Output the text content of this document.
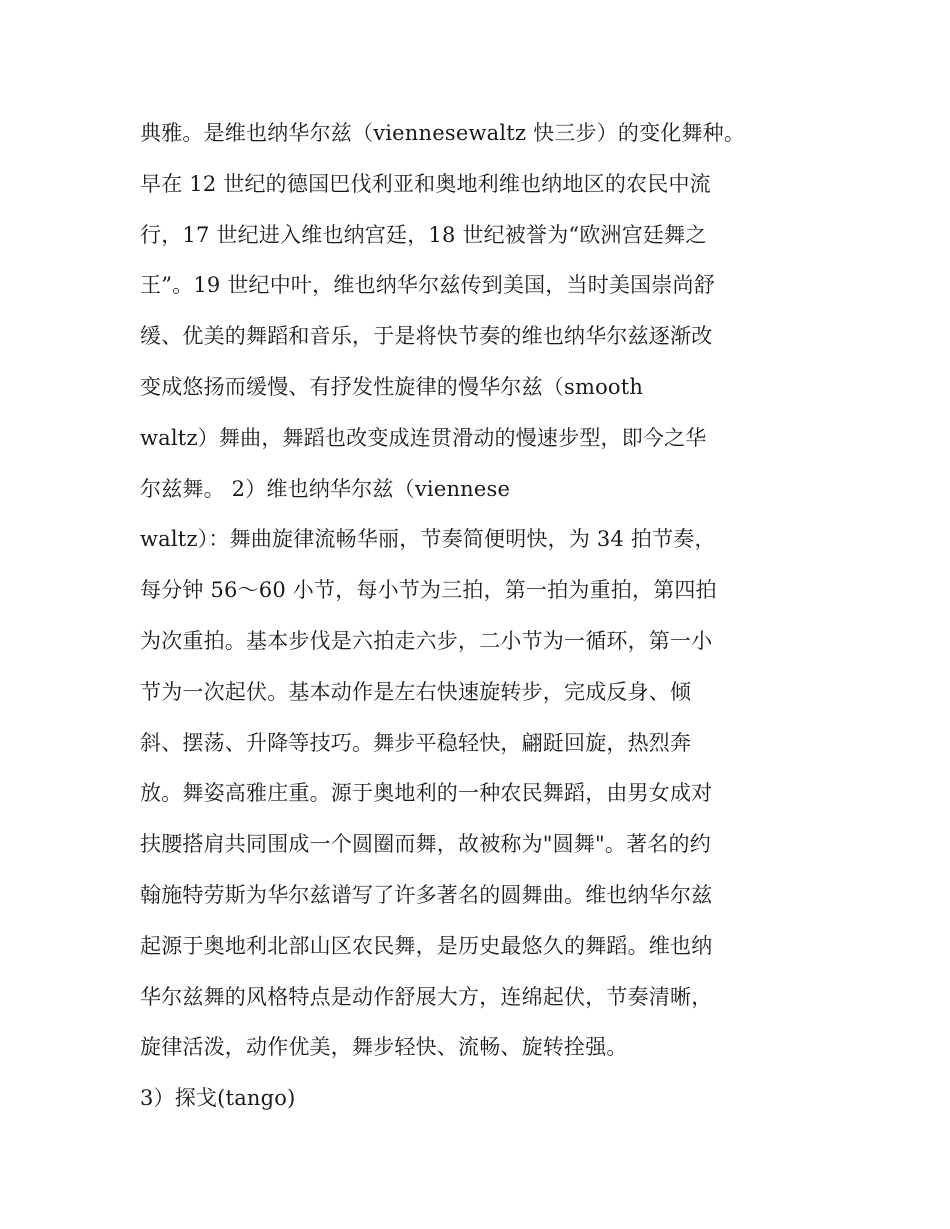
典雅。是维也纳华尔兹（viennesewaltz 快三步）的变化舞种。
早在 12 世纪的德国巴伐利亚和奥地利维也纳地区的农民中流
行，17 世纪进入维也纳宫廷，18 世纪被誉为“欧洲宫廷舞之
王”。19 世纪中叶，维也纳华尔兹传到美国，当时美国崇尚舒
缓、优美的舞蹈和音乐，于是将快节奏的维也纳华尔兹逐渐改
变成悠扬而缓慢、有抒发性旋律的慢华尔兹（smooth
waltz）舞曲，舞蹈也改变成连贯滑动的慢速步型，即今之华
尔兹舞。 2）维也纳华尔兹（viennese
waltz）：舞曲旋律流畅华丽，节奏简便明快，为 34 拍节奏，
每分钟 56～60 小节，每小节为三拍，第一拍为重拍，第四拍
为次重拍。基本步伐是六拍走六步，二小节为一循环，第一小
节为一次起伏。基本动作是左右快速旋转步，完成反身、倾
斜、摆荡、升降等技巧。舞步平稳轻快，翩跹回旋，热烈奔
放。舞姿高雅庄重。源于奥地利的一种农民舞蹈，由男女成对
扶腰搭肩共同围成一个圆圈而舞，故被称为"圆舞"。著名的约
翰施特劳斯为华尔兹谱写了许多著名的圆舞曲。维也纳华尔兹
起源于奥地利北部山区农民舞，是历史最悠久的舞蹈。维也纳
华尔兹舞的风格特点是动作舒展大方，连绵起伏，节奏清晰，
旋律活泼，动作优美，舞步轻快、流畅、旋转拴强。
3）探戈(tango)
